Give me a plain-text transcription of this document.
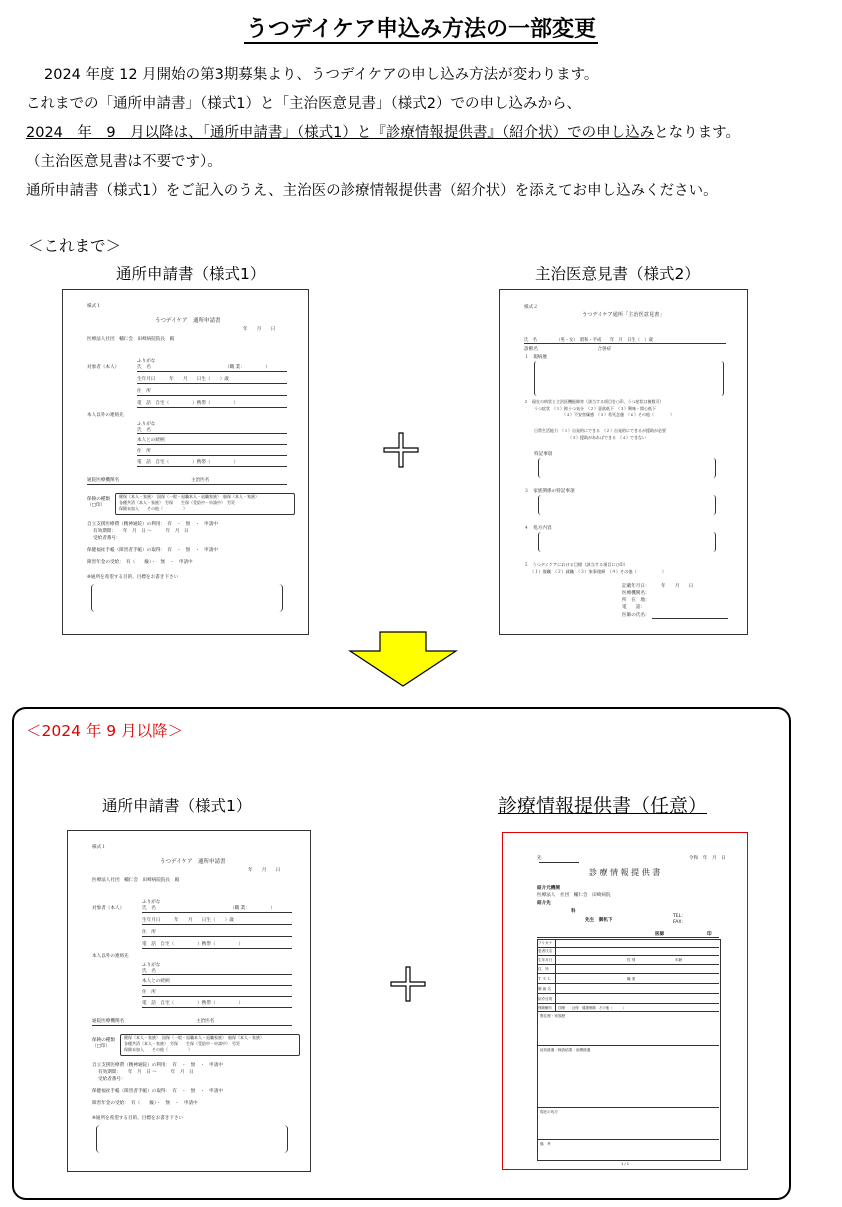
うつデイケア申込み方法の一部変更
2024 年度 12 月開始の第3期募集より、うつデイケアの申し込み方法が変わります。
これまでの「通所申請書」（様式1）と「主治医意見書」（様式2）での申し込みから、
2024　年　9　月以降は、「通所申請書」（様式1）と『診療情報提供書』（紹介状）での申し込みとなります。
（主治医意見書は不要です）。
通所申請書（様式1）をご記入のうえ、主治医の診療情報提供書（紹介状）を添えてお申し込みください。
＜これまで＞
通所申請書（様式1）	主治医意見書（様式2）
様式１
うつデイケア　通所申請書
年　　月　　日
医療法人社団　輔仁会　田崎病院院長　殿
ふりがな
対象者（本人）	氏　名	（職 業：　　　　　）
生年月日　　　年　　月　　日生（　　）歳
住　所
電　話　自宅（　　　　　）携帯（　　　　　）
本人以外の連絡先
ふりがな
氏　名
本人との続柄
住　所
電　話　自宅（　　　　　）携帯（　　　　　）
通院医療機関名	主治医名
保険の種類
（□印）
健保（本人・家族）　国保（一般・退職本人・退職家族）　船保（本人・家族）
各種共済（本人・家族）　労保　　生保（受給中・申請中）　労災
保険未加入　　その他（　　　　　）
自立支援医療費（精神通院）の利用：　有　・　無　・　申請中
有効期間：　　年　月　日 〜　　　年　月　日
受給者番号：
保健福祉手帳（障害者手帳）の取得：　有　・　無　・　申請中
障害年金の受給：　有（　　級）・　無　・　申請中
※通所を希望する目的、目標をお書き下さい
様式２
うつデイケア通所「主治医意見書」
氏　名　　　　　（男・女）　昭和・平成　　年　月　日生（　）歳
診断名　　　　　　　　　　　　　合併症
１　現病歴
２　現在の病状と主治医機能障害（該当する項目を○印、うつ症状は複数可）
うつ症状　（１）抑うつ気分　（２）意欲低下　（３）興味・関心低下
（４）不安焦燥感　（５）希死念慮　（６）その他（　　　　）
日常生活能力　（１）自発的にできる　（２）自発的にできるが援助が必要
（３）援助があればできる　（４）できない
特記事項
３　家族関係の特記事項
４　処方内容
５　うつデイケアにおける目標（該当する項目に○印）
（１）復職　（２）就職　（３）家事復帰　（４）その他（　　　　　　）
記載年月日：　　　年　　月　　日
医療機関名：
所　在　地：
電　　話：
医師の氏名：
＜2024 年 9 月以降＞
通所申請書（様式1）	診療情報提供書（任意）
様式１
うつデイケア　通所申請書
年　　月　　日
医療法人社団　輔仁会　田崎病院院長　殿
ふりがな
対象者（本人）	氏　名	（職 業：　　　　　）
生年月日　　　年　　月　　日生（　　）歳
住　所
電　話　自宅（　　　　　）携帯（　　　　　）
本人以外の連絡先
ふりがな
氏　名
本人との続柄
住　所
電　話　自宅（　　　　　）携帯（　　　　　）
通院医療機関名	主治医名
保険の種類
（□印）
健保（本人・家族）　国保（一般・退職本人・退職家族）　船保（本人・家族）
各種共済（本人・家族）　労保　　生保（受給中・申請中）　労災
保険未加入　　その他（　　　　　）
自立支援医療費（精神通院）の利用：　有　・　無　・　申請中
有効期間：　　年　月　日 〜　　　年　月　日
受給者番号：
保健福祉手帳（障害者手帳）の取得：　有　・　無　・　申請中
障害年金の受給：　有（　　級）・　無　・　申請中
※通所を希望する目的、目標をお書き下さい
先	令和　年　月　日
診 療 情 報 提 供 書
紹介元機関
医療法人　社団　輔仁会　田崎病院
紹介先
科
先生　御机下
TEL：
FAX：
医師	印
フリガナ
患者氏名
生年月日	性 別	年齢
住　所
Ｔ Ｅ Ｌ	職 業
傷 病 名
紹介目的
保険種別　　国保　　社保　健康保険　その他（　　　）
既往歴・家族歴
症状経過・検査結果・治療経過
現在の処方
備　考
1 / 1
